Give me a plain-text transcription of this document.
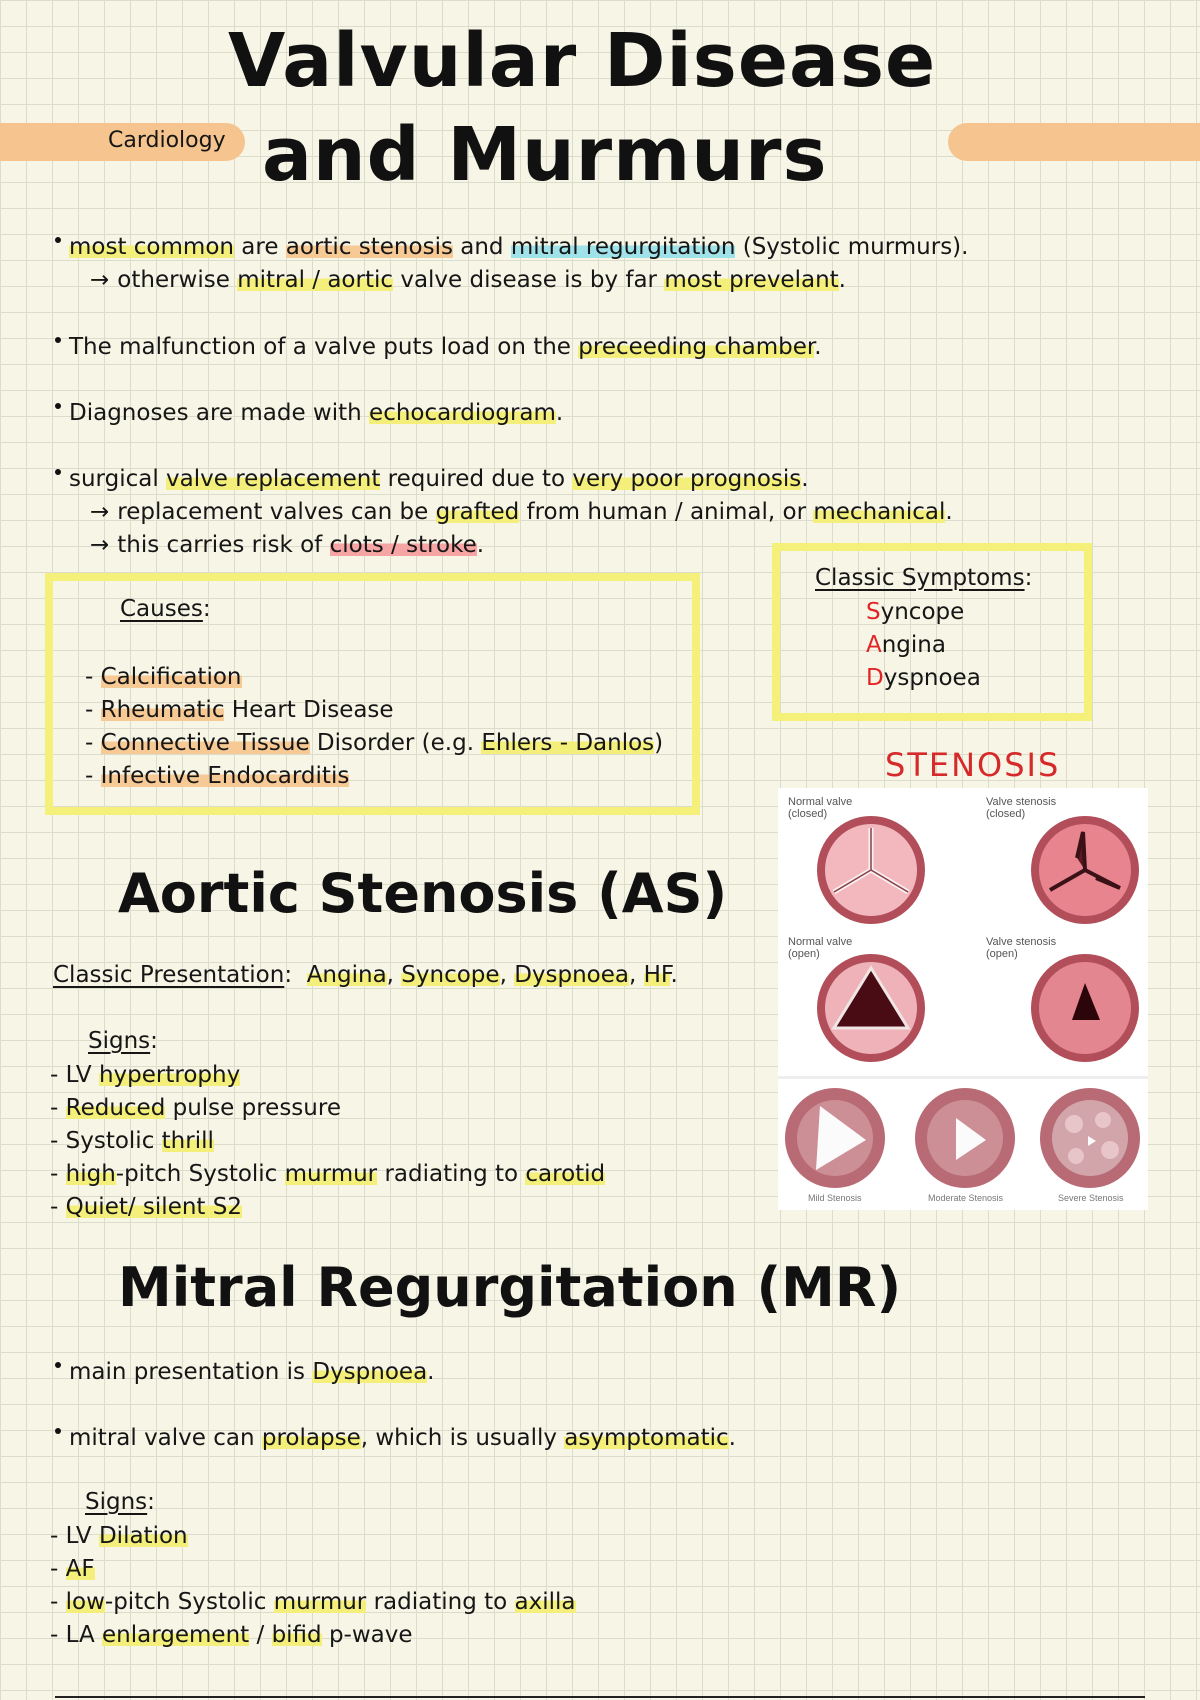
Cardiology
Valvular Disease
and Murmurs
most common are aortic stenosis and mitral regurgitation (Systolic murmurs).
→ otherwise mitral / aortic valve disease is by far most prevelant.
The malfunction of a valve puts load on the preceeding chamber.
Diagnoses are made with echocardiogram.
surgical valve replacement required due to very poor prognosis.
→ replacement valves can be grafted from human / animal, or mechanical.
→ this carries risk of clots / stroke.
Causes:
- Calcification
- Rheumatic Heart Disease
- Connective Tissue Disorder (e.g. Ehlers - Danlos)
- Infective Endocarditis
Classic Symptoms:
Syncope
Angina
Dyspnoea
STENOSIS
Normal valve
(closed)
Valve stenosis
(closed)
Normal valve
(open)
Valve stenosis
(open)
Mild Stenosis	Moderate Stenosis	Severe Stenosis
Aortic Stenosis (AS)
Classic Presentation: Angina, Syncope, Dyspnoea, HF.
Signs:
- LV hypertrophy
- Reduced pulse pressure
- Systolic thrill
- high-pitch Systolic murmur radiating to carotid
- Quiet/ silent S2
Mitral Regurgitation (MR)
main presentation is Dyspnoea.
mitral valve can prolapse, which is usually asymptomatic.
Signs:
- LV Dilation
- AF
- low-pitch Systolic murmur radiating to axilla
- LA enlargement / bifid p-wave
